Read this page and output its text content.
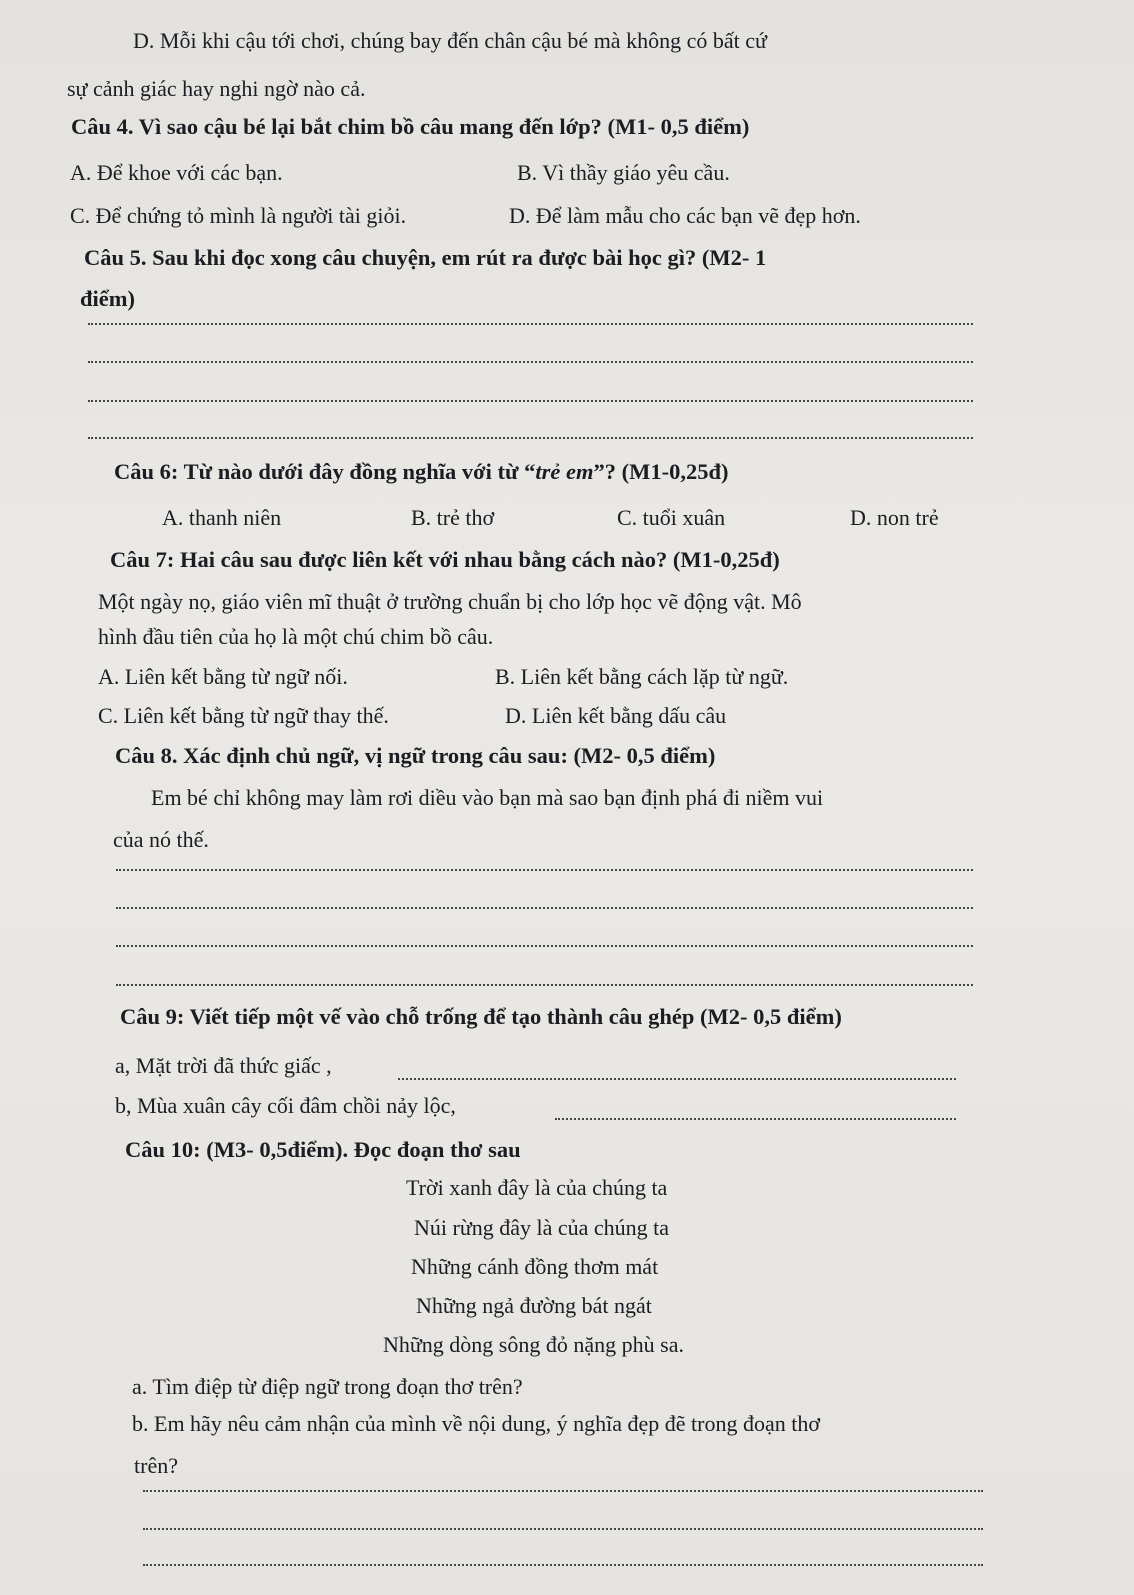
D. Mỗi khi cậu tới chơi, chúng bay đến chân cậu bé mà không có bất cứ
sự cảnh giác hay nghi ngờ nào cả.
Câu 4. Vì sao cậu bé lại bắt chim bồ câu mang đến lớp? (M1- 0,5 điểm)
A. Để khoe với các bạn.	B. Vì thầy giáo yêu cầu.
C. Để chứng tỏ mình là người tài giỏi.	D. Để làm mẫu cho các bạn vẽ đẹp hơn.
Câu 5. Sau khi đọc xong câu chuyện, em rút ra được bài học gì? (M2- 1
điểm)
Câu 6: Từ nào dưới đây đồng nghĩa với từ “trẻ em”? (M1-0,25đ)
A. thanh niên	B. trẻ thơ	C. tuổi xuân	D. non trẻ
Câu 7: Hai câu sau được liên kết với nhau bằng cách nào? (M1-0,25đ)
Một ngày nọ, giáo viên mĩ thuật ở trường chuẩn bị cho lớp học vẽ động vật. Mô
hình đầu tiên của họ là một chú chim bồ câu.
A. Liên kết bằng từ ngữ nối.	B. Liên kết bằng cách lặp từ ngữ.
C. Liên kết bằng từ ngữ thay thế.	D. Liên kết bằng dấu câu
Câu 8. Xác định chủ ngữ, vị ngữ trong câu sau: (M2- 0,5 điểm)
Em bé chỉ không may làm rơi diều vào bạn mà sao bạn định phá đi niềm vui
của nó thế.
Câu 9: Viết tiếp một vế vào chỗ trống để tạo thành câu ghép (M2- 0,5 điểm)
a, Mặt trời đã thức giấc ,
b, Mùa xuân cây cối đâm chồi nảy lộc,
Câu 10: (M3- 0,5điểm). Đọc đoạn thơ sau
Trời xanh đây là của chúng ta
Núi rừng đây là của chúng ta
Những cánh đồng thơm mát
Những ngả đường bát ngát
Những dòng sông đỏ nặng phù sa.
a. Tìm điệp từ điệp ngữ trong đoạn thơ trên?
b. Em hãy nêu cảm nhận của mình về nội dung, ý nghĩa đẹp đẽ trong đoạn thơ
trên?
